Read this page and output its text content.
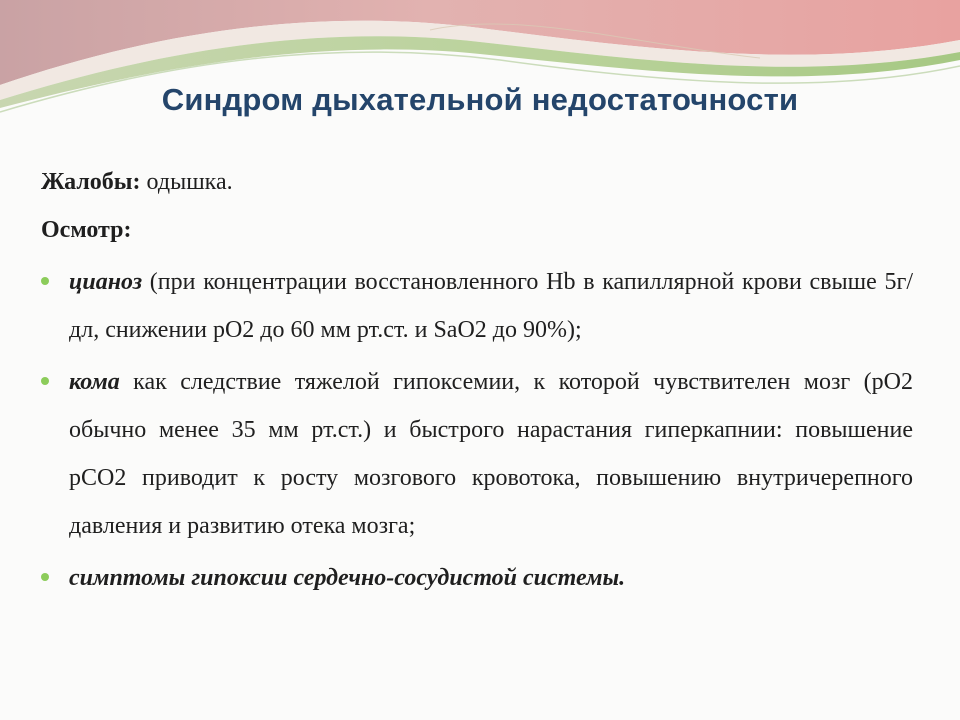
Синдром дыхательной недостаточности
Жалобы: одышка.
Осмотр:
цианоз (при концентрации восстановленного Hb в капиллярной крови свыше 5г/дл, снижении pO2 до 60 мм рт.ст. и SaO2 до 90%);
кома как следствие тяжелой гипоксемии, к которой чувствителен мозг (pO2 обычно менее 35 мм рт.ст.) и быстрого нарастания гиперкапнии: повышение pCO2 приводит к росту мозгового кровотока, повышению внутричерепного давления и развитию отека мозга;
симптомы гипоксии сердечно-сосудистой системы.
